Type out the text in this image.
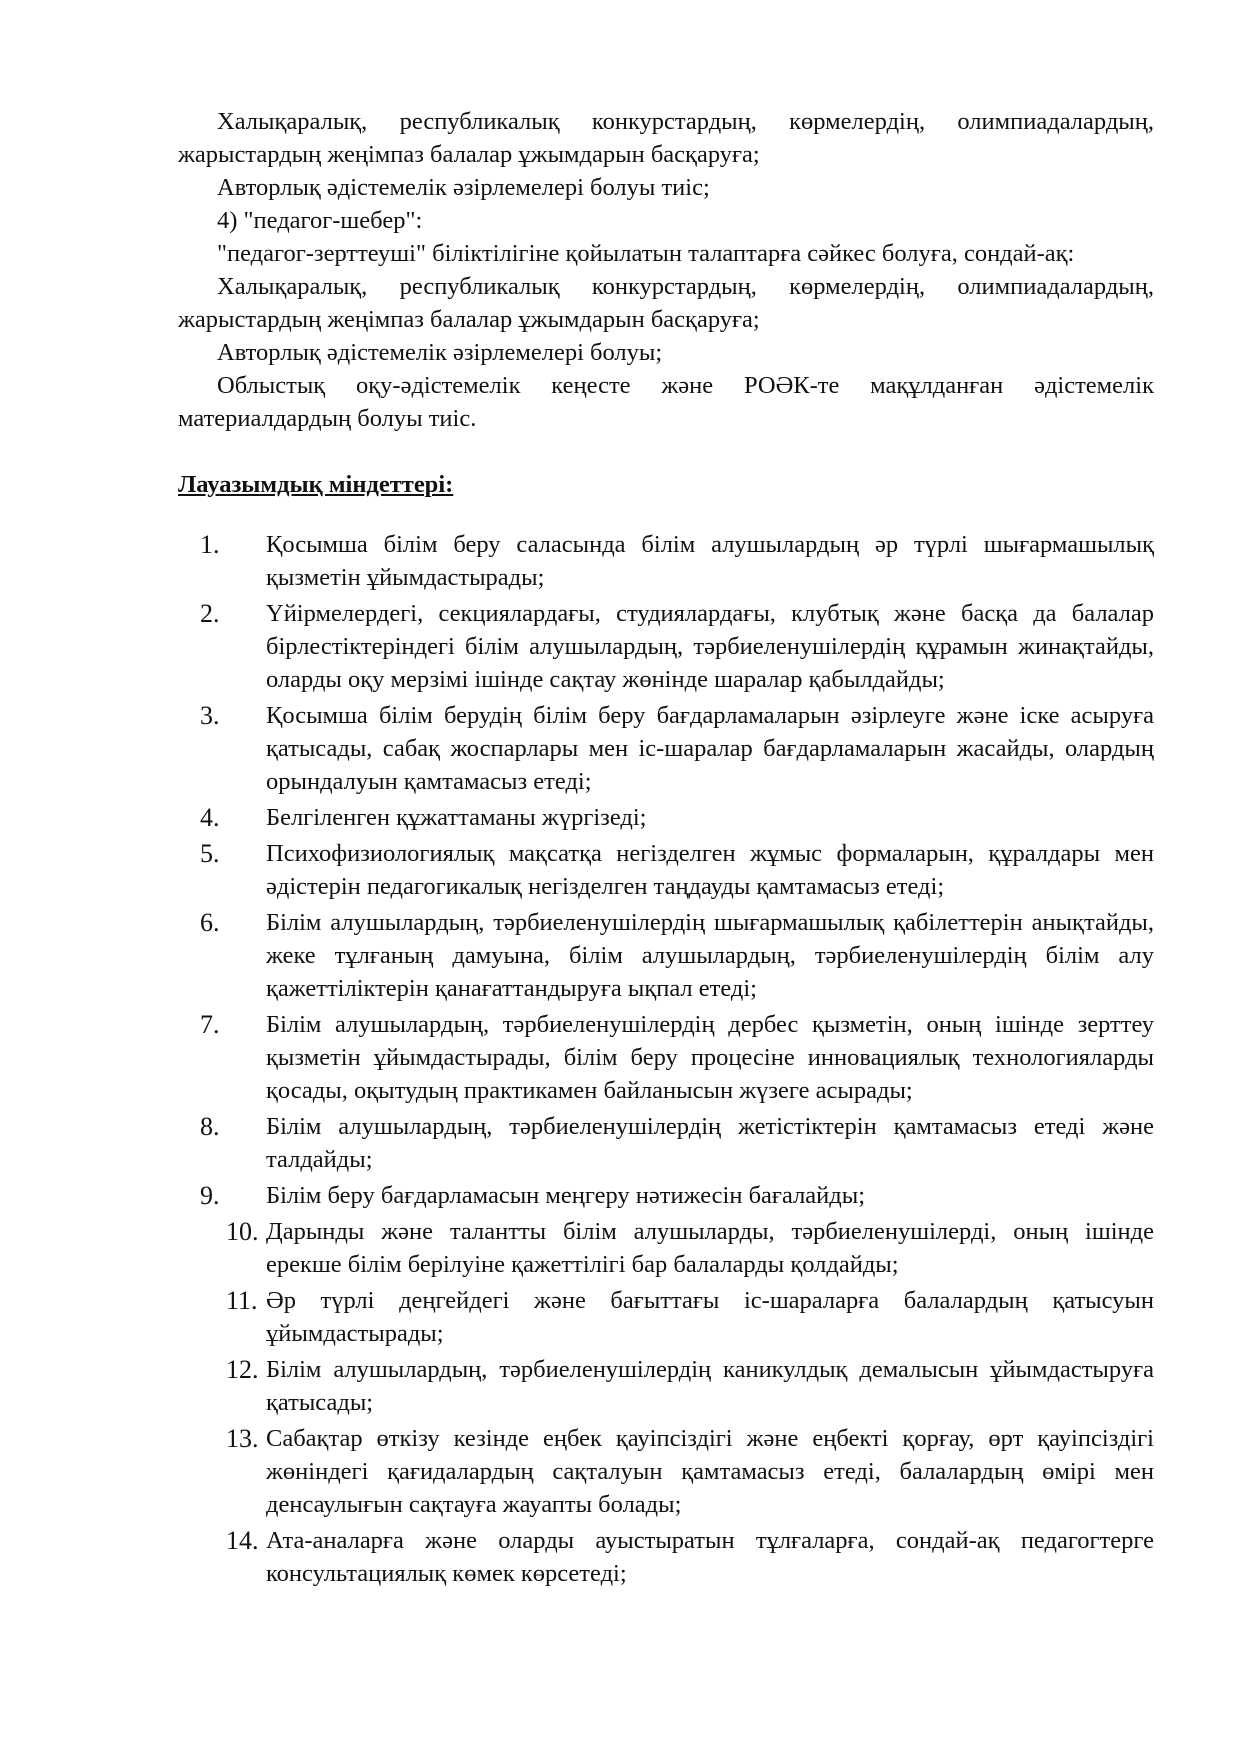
Халықаралық, республикалық конкурстардың, көрмелердің, олимпиадалардың, жарыстардың жеңімпаз балалар ұжымдарын басқаруға;

Авторлық әдістемелік әзірлемелері болуы тиіс;

4) "педагог-шебер":

"педагог-зерттеуші" біліктілігіне қойылатын талаптарға сәйкес болуға, сондай-ақ:

Халықаралық, республикалық конкурстардың, көрмелердің, олимпиадалардың, жарыстардың жеңімпаз балалар ұжымдарын басқаруға;

Авторлық әдістемелік әзірлемелері болуы;

Облыстық оқу-әдістемелік кеңесте және РОӘК-те мақұлданған әдістемелік материалдардың болуы тиіс.

Лауазымдық міндеттері:

1.	Қосымша білім беру саласында білім алушылардың әр түрлі шығармашылық қызметін ұйымдастырады;

2.	Үйірмелердегі, секциялардағы, студиялардағы, клубтық және басқа да балалар бірлестіктеріндегі білім алушылардың, тәрбиеленушілердің құрамын жинақтайды, оларды оқу мерзімі ішінде сақтау жөнінде шаралар қабылдайды;

3.	Қосымша білім берудің білім беру бағдарламаларын әзірлеуге және іске асыруға қатысады, сабақ жоспарлары мен іс-шаралар бағдарламаларын жасайды, олардың орындалуын қамтамасыз етеді;

4.	Белгіленген құжаттаманы жүргізеді;

5.	Психофизиологиялық мақсатқа негізделген жұмыс формаларын, құралдары мен әдістерін педагогикалық негізделген таңдауды қамтамасыз етеді;

6.	Білім алушылардың, тәрбиеленушілердің шығармашылық қабілеттерін анықтайды, жеке тұлғаның дамуына, білім алушылардың, тәрбиеленушілердің білім алу қажеттіліктерін қанағаттандыруға ықпал етеді;

7.	Білім алушылардың, тәрбиеленушілердің дербес қызметін, оның ішінде зерттеу қызметін ұйымдастырады, білім беру процесіне инновациялық технологияларды қосады, оқытудың практикамен байланысын жүзеге асырады;

8.	Білім алушылардың, тәрбиеленушілердің жетістіктерін қамтамасыз етеді және талдайды;

9.	Білім беру бағдарламасын меңгеру нәтижесін бағалайды;

10. Дарынды және талантты білім алушыларды, тәрбиеленушілерді, оның ішінде ерекше білім берілуіне қажеттілігі бар балаларды қолдайды;

11. Әр түрлі деңгейдегі және бағыттағы іс-шараларға балалардың қатысуын ұйымдастырады;

12. Білім алушылардың, тәрбиеленушілердің каникулдық демалысын ұйымдастыруға қатысады;

13. Сабақтар өткізу кезінде еңбек қауіпсіздігі және еңбекті қорғау, өрт қауіпсіздігі жөніндегі қағидалардың сақталуын қамтамасыз етеді, балалардың өмірі мен денсаулығын сақтауға жауапты болады;

14. Ата-аналарға және оларды ауыстыратын тұлғаларға, сондай-ақ педагогтерге консультациялық көмек көрсетеді;
